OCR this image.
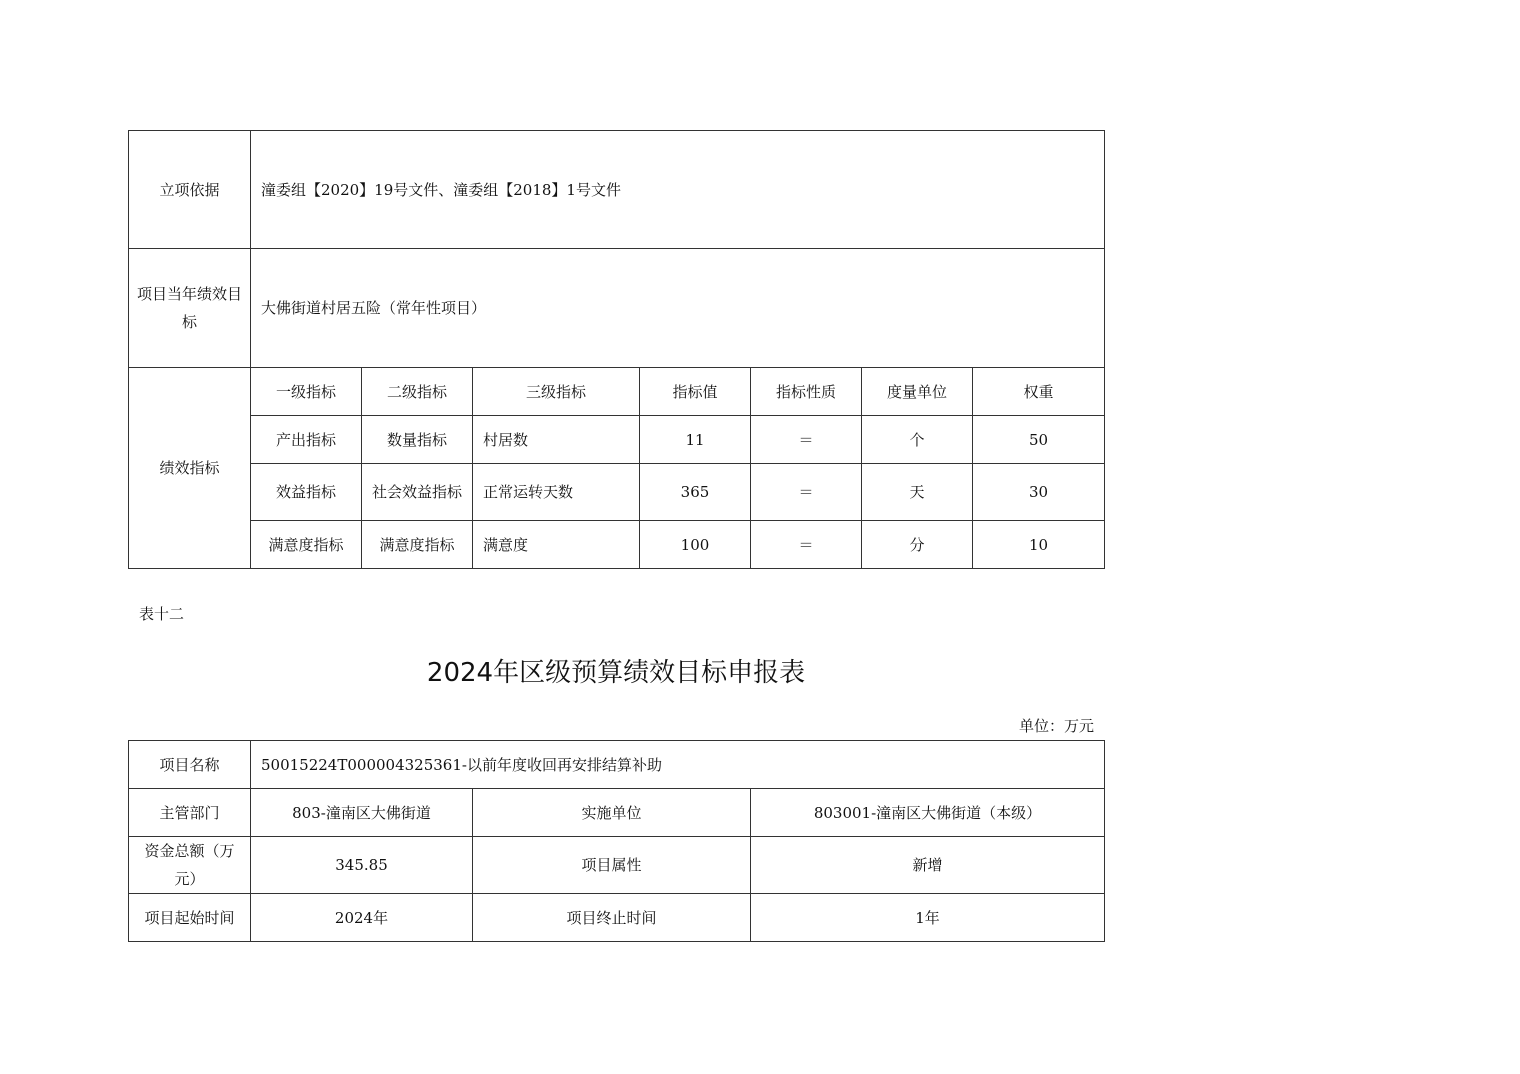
立项依据	潼委组【2020】19号文件、潼委组【2018】1号文件						
项目当年绩效目标	大佛街道村居五险（常年性项目）						
绩效指标	一级指标	二级指标	三级指标	指标值	指标性质	度量单位	权重
	产出指标	数量指标	村居数	11	＝	个	50
	效益指标	社会效益指标	正常运转天数	365	＝	天	30
	满意度指标	满意度指标	满意度	100	＝	分	10
表十二
2024年区级预算绩效目标申报表
单位：万元
项目名称	50015224T000004325361-以前年度收回再安排结算补助		
主管部门	803-潼南区大佛街道	实施单位	803001-潼南区大佛街道（本级）
资金总额（万元）	345.85	项目属性	新增
项目起始时间	2024年	项目终止时间	1年
